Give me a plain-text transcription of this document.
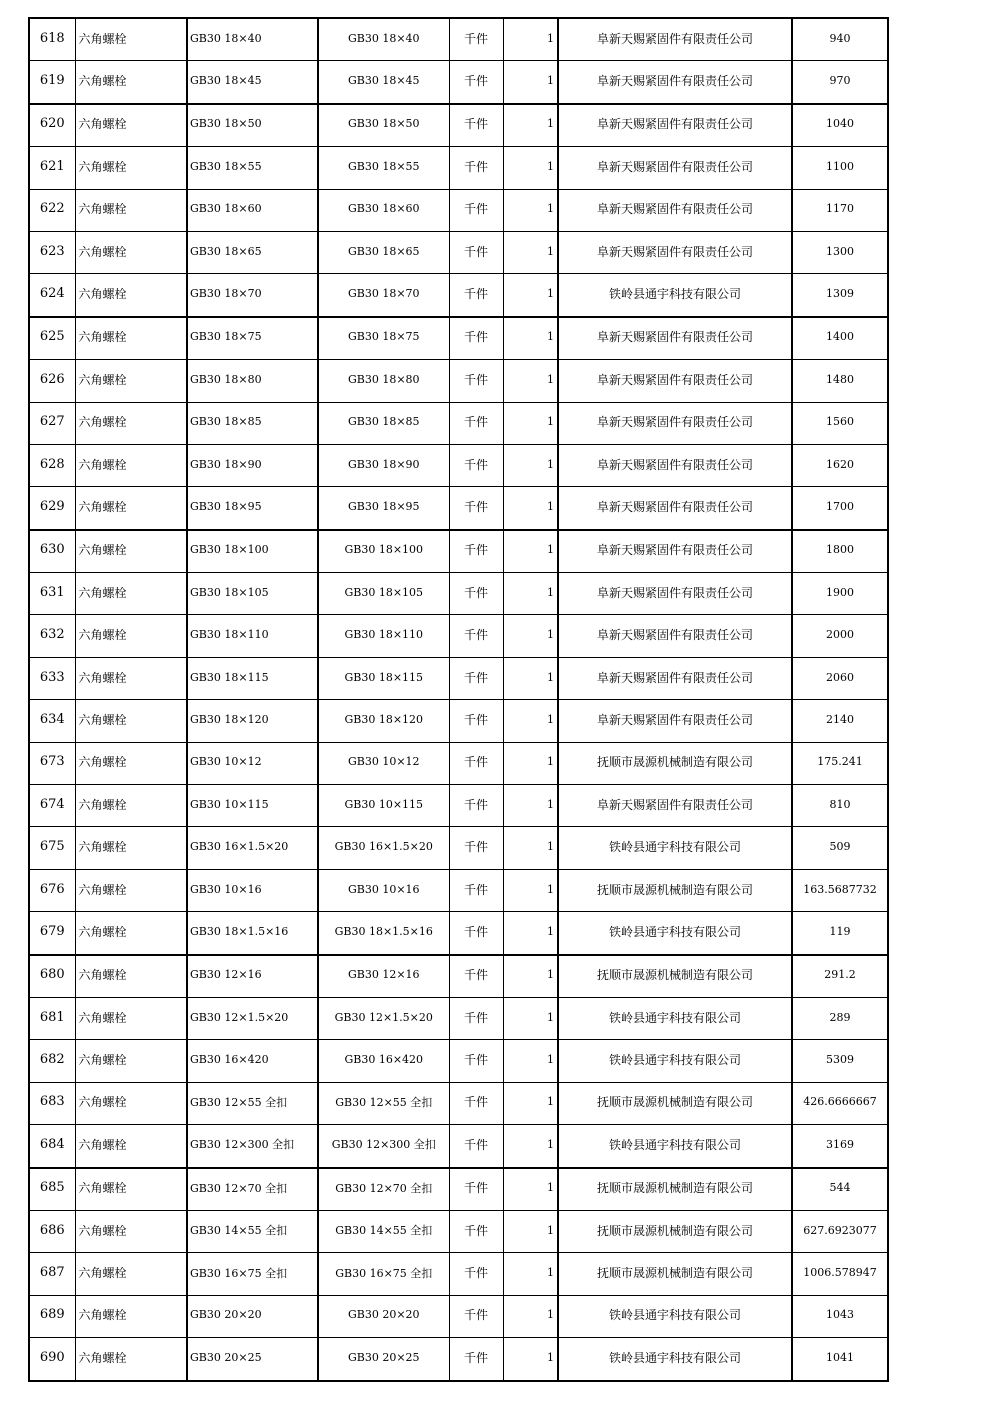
618	六角螺栓	GB30 18×40	GB30 18×40	千件	1	阜新天赐紧固件有限责任公司	940

619	六角螺栓	GB30 18×45	GB30 18×45	千件	1	阜新天赐紧固件有限责任公司	970

620	六角螺栓	GB30 18×50	GB30 18×50	千件	1	阜新天赐紧固件有限责任公司	1040

621	六角螺栓	GB30 18×55	GB30 18×55	千件	1	阜新天赐紧固件有限责任公司	1100

622	六角螺栓	GB30 18×60	GB30 18×60	千件	1	阜新天赐紧固件有限责任公司	1170

623	六角螺栓	GB30 18×65	GB30 18×65	千件	1	阜新天赐紧固件有限责任公司	1300

624	六角螺栓	GB30 18×70	GB30 18×70	千件	1	铁岭县通宇科技有限公司	1309

625	六角螺栓	GB30 18×75	GB30 18×75	千件	1	阜新天赐紧固件有限责任公司	1400

626	六角螺栓	GB30 18×80	GB30 18×80	千件	1	阜新天赐紧固件有限责任公司	1480

627	六角螺栓	GB30 18×85	GB30 18×85	千件	1	阜新天赐紧固件有限责任公司	1560

628	六角螺栓	GB30 18×90	GB30 18×90	千件	1	阜新天赐紧固件有限责任公司	1620

629	六角螺栓	GB30 18×95	GB30 18×95	千件	1	阜新天赐紧固件有限责任公司	1700

630	六角螺栓	GB30 18×100	GB30 18×100	千件	1	阜新天赐紧固件有限责任公司	1800

631	六角螺栓	GB30 18×105	GB30 18×105	千件	1	阜新天赐紧固件有限责任公司	1900

632	六角螺栓	GB30 18×110	GB30 18×110	千件	1	阜新天赐紧固件有限责任公司	2000

633	六角螺栓	GB30 18×115	GB30 18×115	千件	1	阜新天赐紧固件有限责任公司	2060

634	六角螺栓	GB30 18×120	GB30 18×120	千件	1	阜新天赐紧固件有限责任公司	2140

673	六角螺栓	GB30 10×12	GB30 10×12	千件	1	抚顺市晟源机械制造有限公司	175.241

674	六角螺栓	GB30 10×115	GB30 10×115	千件	1	阜新天赐紧固件有限责任公司	810

675	六角螺栓	GB30 16×1.5×20	GB30 16×1.5×20	千件	1	铁岭县通宇科技有限公司	509

676	六角螺栓	GB30 10×16	GB30 10×16	千件	1	抚顺市晟源机械制造有限公司	163.5687732

679	六角螺栓	GB30 18×1.5×16	GB30 18×1.5×16	千件	1	铁岭县通宇科技有限公司	119

680	六角螺栓	GB30 12×16	GB30 12×16	千件	1	抚顺市晟源机械制造有限公司	291.2

681	六角螺栓	GB30 12×1.5×20	GB30 12×1.5×20	千件	1	铁岭县通宇科技有限公司	289

682	六角螺栓	GB30 16×420	GB30 16×420	千件	1	铁岭县通宇科技有限公司	5309

683	六角螺栓	GB30 12×55 全扣	GB30 12×55 全扣	千件	1	抚顺市晟源机械制造有限公司	426.6666667

684	六角螺栓	GB30 12×300 全扣	GB30 12×300 全扣	千件	1	铁岭县通宇科技有限公司	3169

685	六角螺栓	GB30 12×70 全扣	GB30 12×70 全扣	千件	1	抚顺市晟源机械制造有限公司	544

686	六角螺栓	GB30 14×55 全扣	GB30 14×55 全扣	千件	1	抚顺市晟源机械制造有限公司	627.6923077

687	六角螺栓	GB30 16×75 全扣	GB30 16×75 全扣	千件	1	抚顺市晟源机械制造有限公司	1006.578947

689	六角螺栓	GB30 20×20	GB30 20×20	千件	1	铁岭县通宇科技有限公司	1043

690	六角螺栓	GB30 20×25	GB30 20×25	千件	1	铁岭县通宇科技有限公司	1041
